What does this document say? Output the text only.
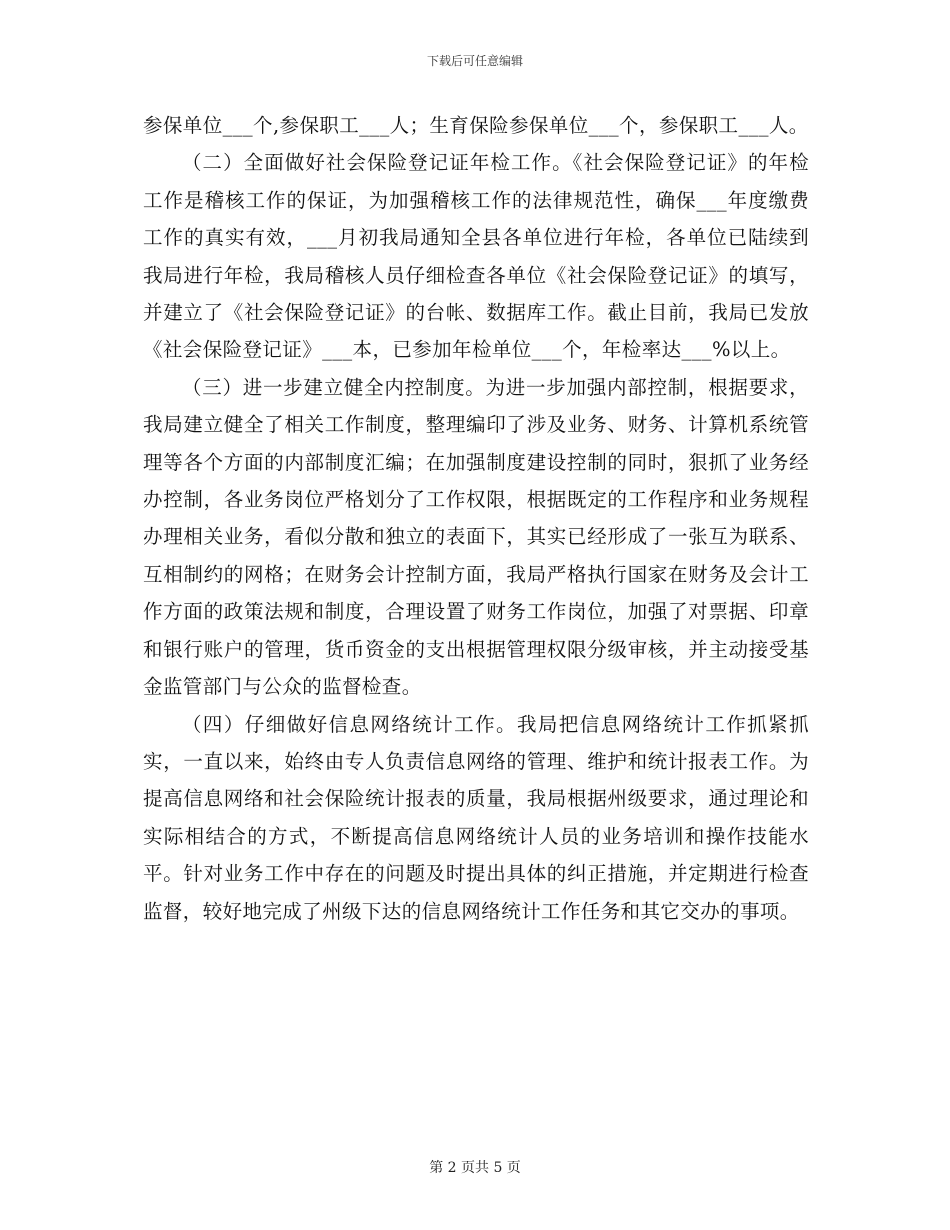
下载后可任意编辑

参保单位___个,参保职工___人；生育保险参保单位___个，参保职工___人。

（二）全面做好社会保险登记证年检工作。《社会保险登记证》的年检工作是稽核工作的保证，为加强稽核工作的法律规范性，确保___年度缴费工作的真实有效，___月初我局通知全县各单位进行年检，各单位已陆续到我局进行年检，我局稽核人员仔细检查各单位《社会保险登记证》的填写，并建立了《社会保险登记证》的台帐、数据库工作。截止目前，我局已发放《社会保险登记证》___本，已参加年检单位___个，年检率达___%以上。

（三）进一步建立健全内控制度。为进一步加强内部控制，根据要求，我局建立健全了相关工作制度，整理编印了涉及业务、财务、计算机系统管理等各个方面的内部制度汇编；在加强制度建设控制的同时，狠抓了业务经办控制，各业务岗位严格划分了工作权限，根据既定的工作程序和业务规程办理相关业务，看似分散和独立的表面下，其实已经形成了一张互为联系、互相制约的网格；在财务会计控制方面，我局严格执行国家在财务及会计工作方面的政策法规和制度，合理设置了财务工作岗位，加强了对票据、印章和银行账户的管理，货币资金的支出根据管理权限分级审核，并主动接受基金监管部门与公众的监督检查。

（四）仔细做好信息网络统计工作。我局把信息网络统计工作抓紧抓实，一直以来，始终由专人负责信息网络的管理、维护和统计报表工作。为提高信息网络和社会保险统计报表的质量，我局根据州级要求，通过理论和实际相结合的方式，不断提高信息网络统计人员的业务培训和操作技能水平。针对业务工作中存在的问题及时提出具体的纠正措施，并定期进行检查监督，较好地完成了州级下达的信息网络统计工作任务和其它交办的事项。

第 2 页共 5 页
